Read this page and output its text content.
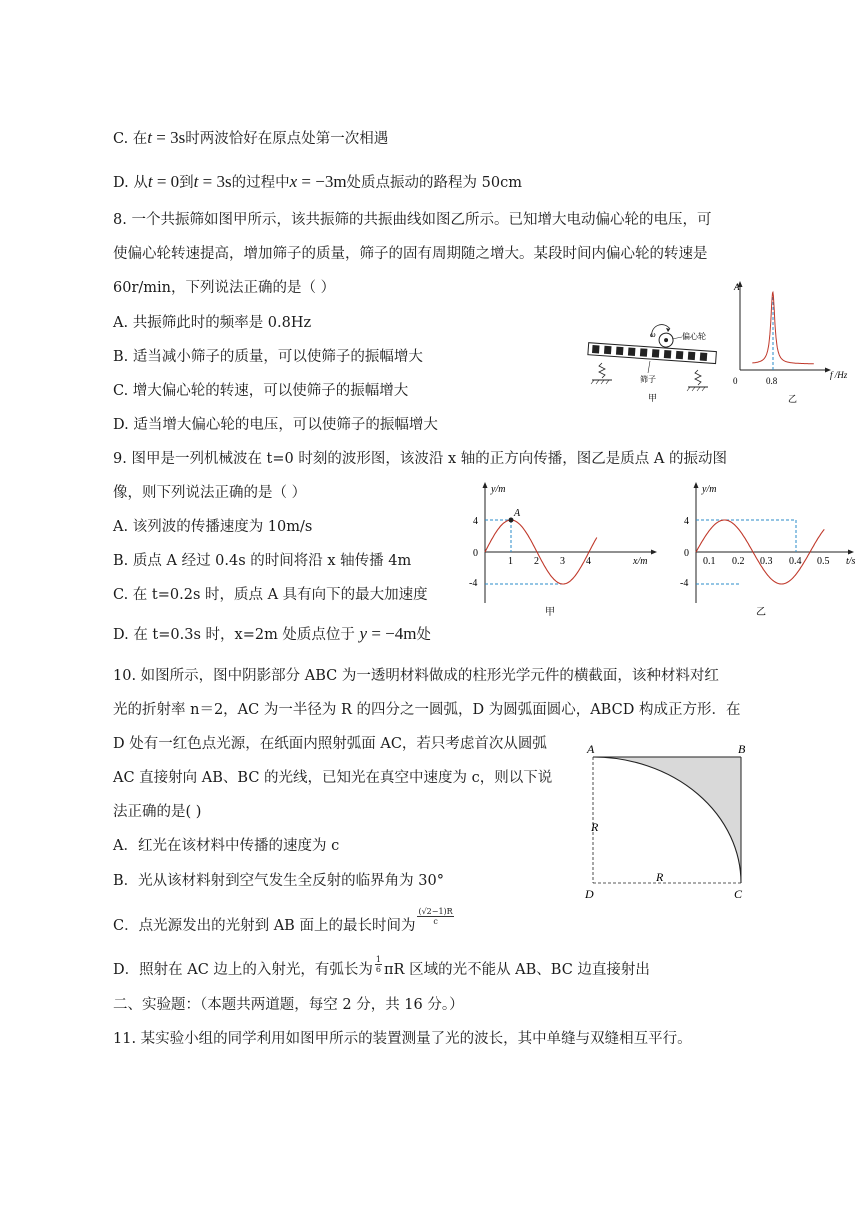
C. 在t = 3s时两波恰好在原点处第一次相遇
D. 从t = 0到t = 3s的过程中x = −3m处质点振动的路程为 50cm
8. 一个共振筛如图甲所示，该共振筛的共振曲线如图乙所示。已知增大电动偏心轮的电压，可
使偏心轮转速提高，增加筛子的质量，筛子的固有周期随之增大。某段时间内偏心轮的转速是
60r/min，下列说法正确的是（ ）
A. 共振筛此时的频率是 0.8Hz
B. 适当减小筛子的质量，可以使筛子的振幅增大
C. 增大偏心轮的转速，可以使筛子的振幅增大
D. 适当增大偏心轮的电压，可以使筛子的振幅增大
ω	偏心轮
筛子
甲
A
f /Hz
0	0.8
乙
9. 图甲是一列机械波在 t=0 时刻的波形图，该波沿 x 轴的正方向传播，图乙是质点 A 的振动图
像，则下列说法正确的是（ ）
A. 该列波的传播速度为 10m/s
B. 质点 A 经过 0.4s 的时间将沿 x 轴传播 4m
C. 在 t=0.2s 时，质点 A 具有向下的最大加速度
D. 在 t=0.3s 时，x=2m 处质点位于 y = −4m处
y/m
x/m
0
4
-4
1 2 3 4
A
甲
y/m
t/s
0
4
-4
0.1 0.2 0.3 0.4 0.5
乙
10. 如图所示，图中阴影部分 ABC 为一透明材料做成的柱形光学元件的横截面，该种材料对红
光的折射率 n＝2，AC 为一半径为 R 的四分之一圆弧，D 为圆弧面圆心，ABCD 构成正方形．在
D 处有一红色点光源，在纸面内照射弧面 AC，若只考虑首次从圆弧
AC 直接射向 AB、BC 的光线，已知光在真空中速度为 c，则以下说
法正确的是( )
A．红光在该材料中传播的速度为 c
B．光从该材料射到空气发生全反射的临界角为 30°
C．点光源发出的光射到 AB 面上的最长时间为
$\frac{(√2-1)R}{c}$
D．照射在 AC 边上的入射光，有弧长为 $\frac{1}{6}$ πR 区域的光不能从 AB、BC 边直接射出
A	B
C
D
R
R
二、实验题：（本题共两道题，每空 2 分，共 16 分。）
11. 某实验小组的同学利用如图甲所示的装置测量了光的波长，其中单缝与双缝相互平行。
